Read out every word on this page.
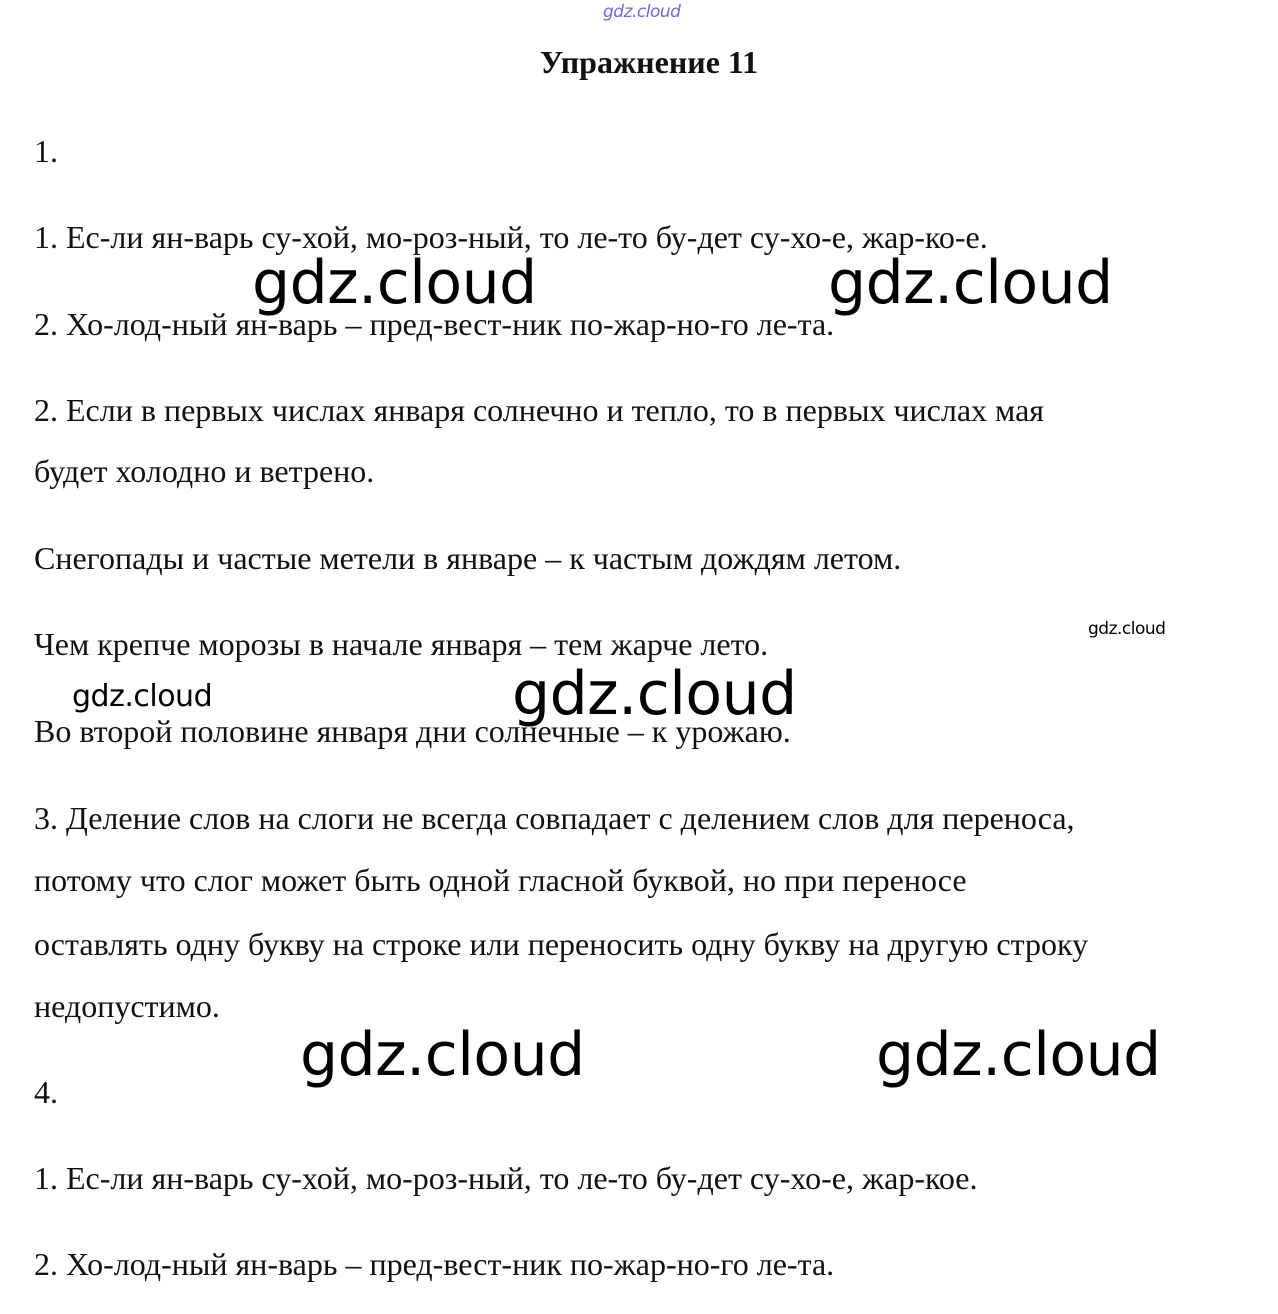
gdz.cloud
Упражнение 11
1.
1. Ес-ли ян-варь су-хой, мо-роз-ный, то ле-то бу-дет су-хо-е, жар-ко-е.
2. Хо-лод-ный ян-варь – пред-вест-ник по-жар-но-го ле-та.
2. Если в первых числах января солнечно и тепло, то в первых числах мая
будет холодно и ветрено.
Снегопады и частые метели в январе – к частым дождям летом.
Чем крепче морозы в начале января – тем жарче лето.
Во второй половине января дни солнечные – к урожаю.
3. Деление слов на слоги не всегда совпадает с делением слов для переноса,
потому что слог может быть одной гласной буквой, но при переносе
оставлять одну букву на строке или переносить одну букву на другую строку
недопустимо.
4.
1. Ес-ли ян-варь су-хой, мо-роз-ный, то ле-то бу-дет су-хо-е, жар-кое.
2. Хо-лод-ный ян-варь – пред-вест-ник по-жар-но-го ле-та.
gdz.cloud	gdz.cloud
gdz.cloud
gdz.cloud	gdz.cloud
gdz.cloud	gdz.cloud
